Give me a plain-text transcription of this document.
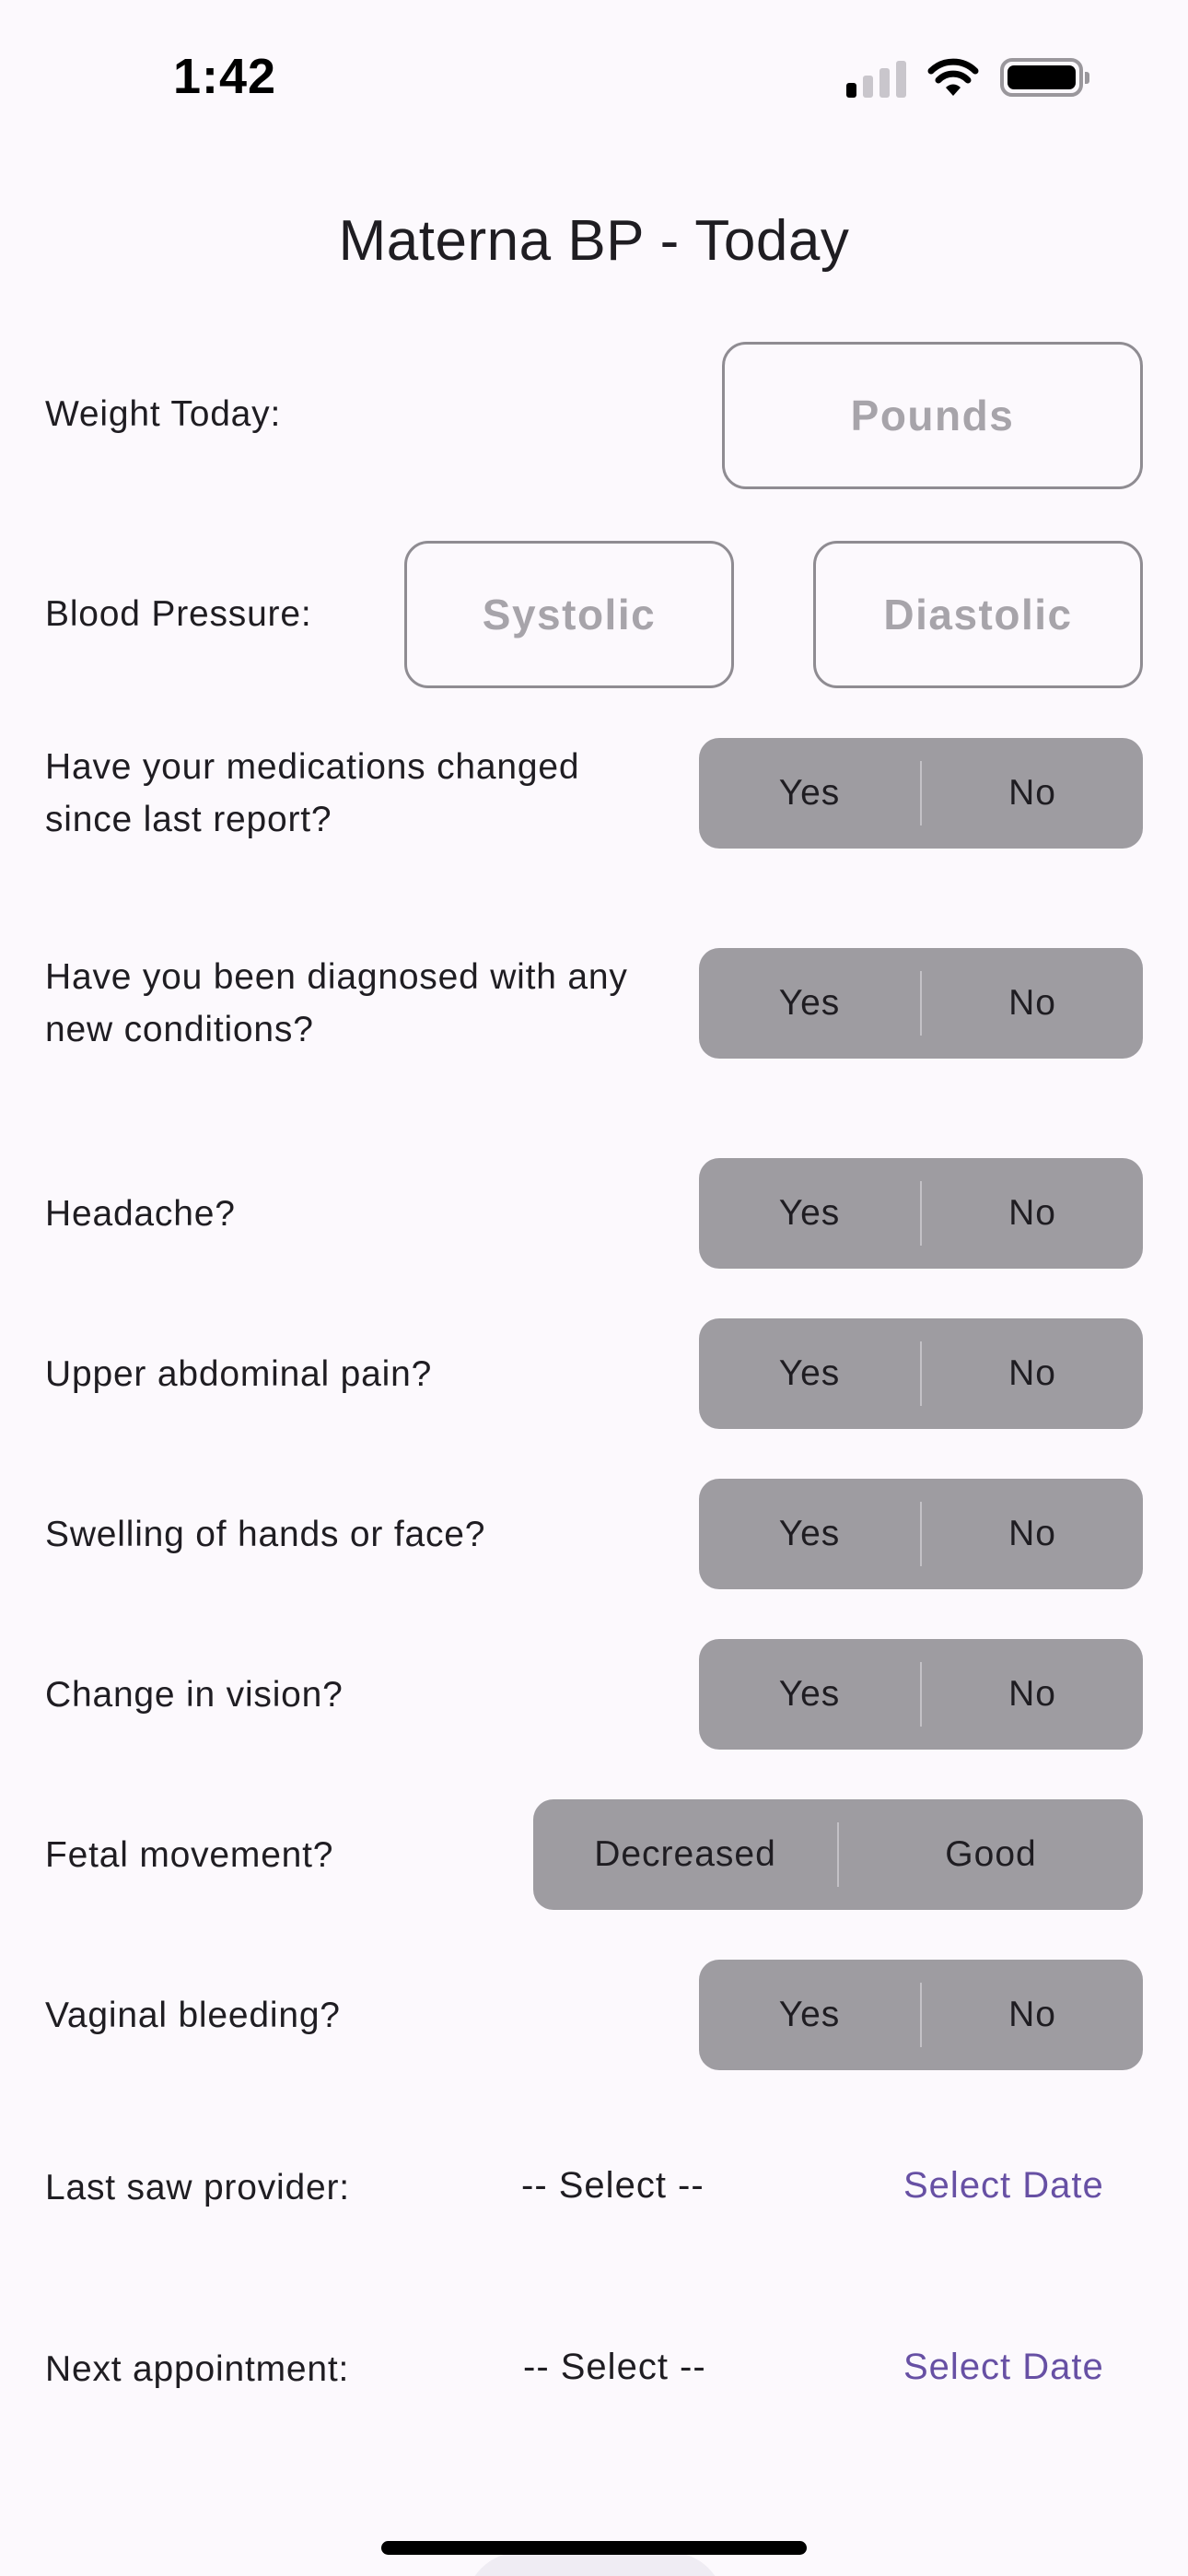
1:42
Materna BP - Today
Weight Today:
Pounds
Blood Pressure:
Systolic
Diastolic
Have your medications changed
since last report?
Yes	No
Have you been diagnosed with any
new conditions?
Yes	No
Headache?	Yes	No
Upper abdominal pain?	Yes	No
Swelling of hands or face?	Yes	No
Change in vision?	Yes	No
Fetal movement?	Decreased	Good
Vaginal bleeding?	Yes	No
Last saw provider:	-- Select --	Select Date
Next appointment:	-- Select --	Select Date
